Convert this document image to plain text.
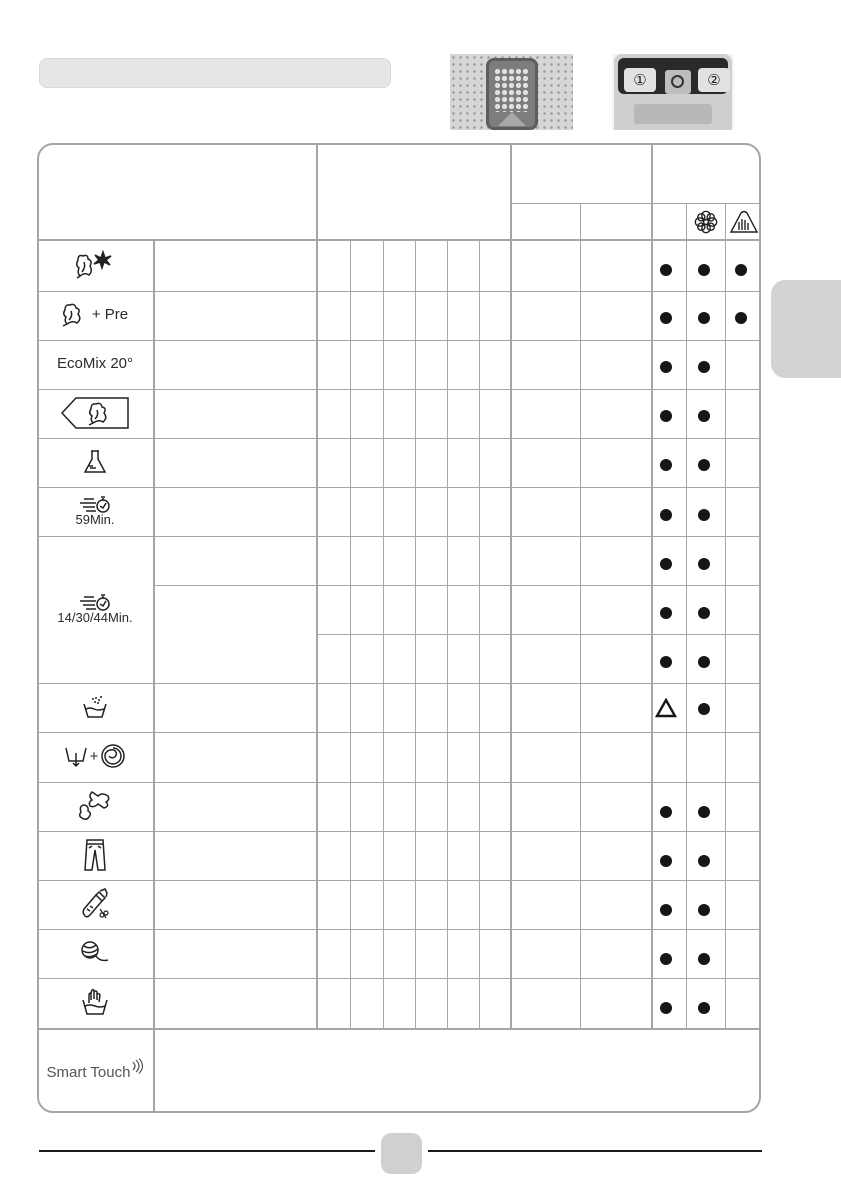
①	②
Smart Touch
+ Pre
EcoMix 20°
59Min.
14/30/44Min.
+
